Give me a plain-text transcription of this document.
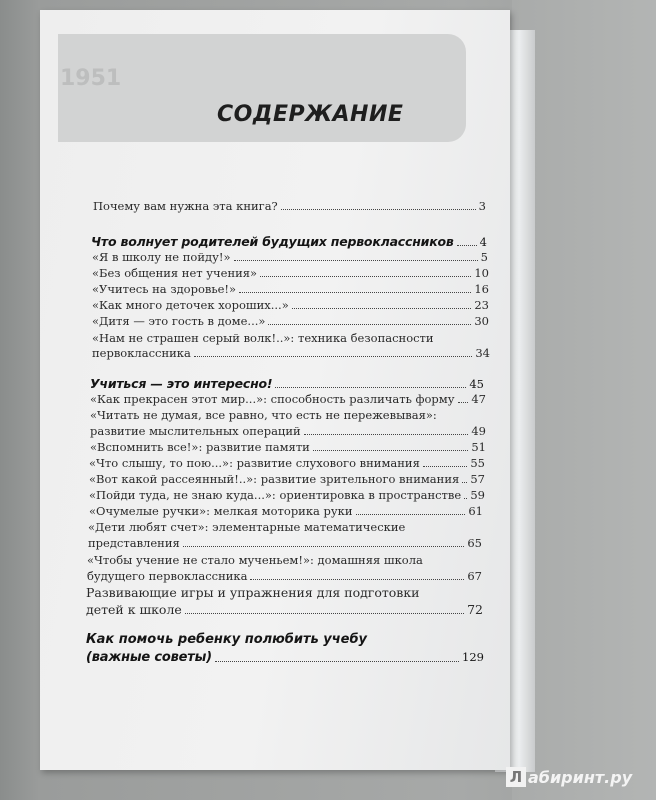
1951
СОДЕРЖАНИЕ
Почему вам нужна эта книга?	3
Что волнует родителей будущих первоклассников 4
«Я в школу не пойду!»	5
«Без общения нет учения»	10
«Учитесь на здоровье!»	16
«Как много деточек хороших...»	23
«Дитя — это гость в доме...»	30
«Нам не страшен серый волк!..»: техника безопасности
первоклассника	34
Учиться — это интересно!	45
«Как прекрасен этот мир...»: способность различать форму 47
«Читать не думая, все равно, что есть не пережевывая»:
развитие мыслительных операций	49
«Вспомнить все!»: развитие памяти	51
«Что слышу, то пою...»: развитие слухового внимания	55
«Вот какой рассеянный!..»: развитие зрительного внимания 57
«Пойди туда, не знаю куда...»: ориентировка в пространстве 59
«Очумелые ручки»: мелкая моторика руки	61
«Дети любят счет»: элементарные математические
представления	65
«Чтобы учение не стало мученьем!»: домашняя школа
будущего первоклассника	67
Развивающие игры и упражнения для подготовки
детей к школе	72
Как помочь ребенку полюбить учебу
(важные советы)	129
Л абиринт.ру
